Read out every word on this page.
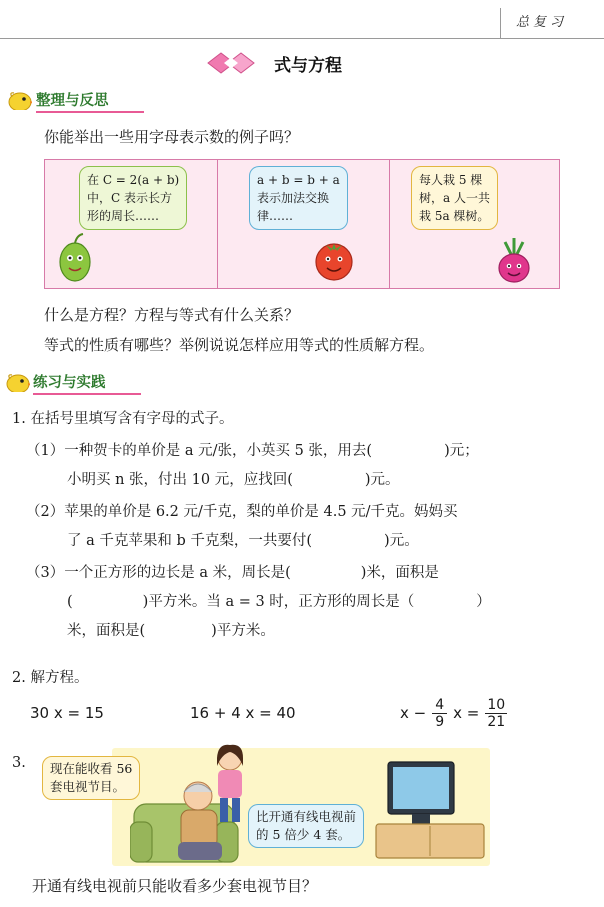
总复习
式与方程
整理与反思
你能举出一些用字母表示数的例子吗？
在 C = 2(a + b)
中，C 表示长方
形的周长……
a + b = b + a
表示加法交换
律……
每人栽 5 棵
树，a 人一共
栽 5a 棵树。
什么是方程？方程与等式有什么关系？
等式的性质有哪些？举例说说怎样应用等式的性质解方程。
练习与实践
1. 在括号里填写含有字母的式子。
（1）一种贺卡的单价是 a 元/张，小英买 5 张，用去(	)元；
小明买 n 张，付出 10 元，应找回(	)元。
（2）苹果的单价是 6.2 元/千克，梨的单价是 4.5 元/千克。妈妈买
了 a 千克苹果和 b 千克梨，一共要付(	)元。
（3）一个正方形的边长是 a 米，周长是(	)米，面积是
(	)平方米。当 a = 3 时，正方形的周长是（	）
米，面积是(	)平方米。
2. 解方程。
30 x = 15	16 + 4 x = 40	$x - \frac{4}{9}$ $x = \frac{10}{21}$
3. 现在能收看 56
套电视节目。
比开通有线电视前
的 5 倍少 4 套。
开通有线电视前只能收看多少套电视节目？
